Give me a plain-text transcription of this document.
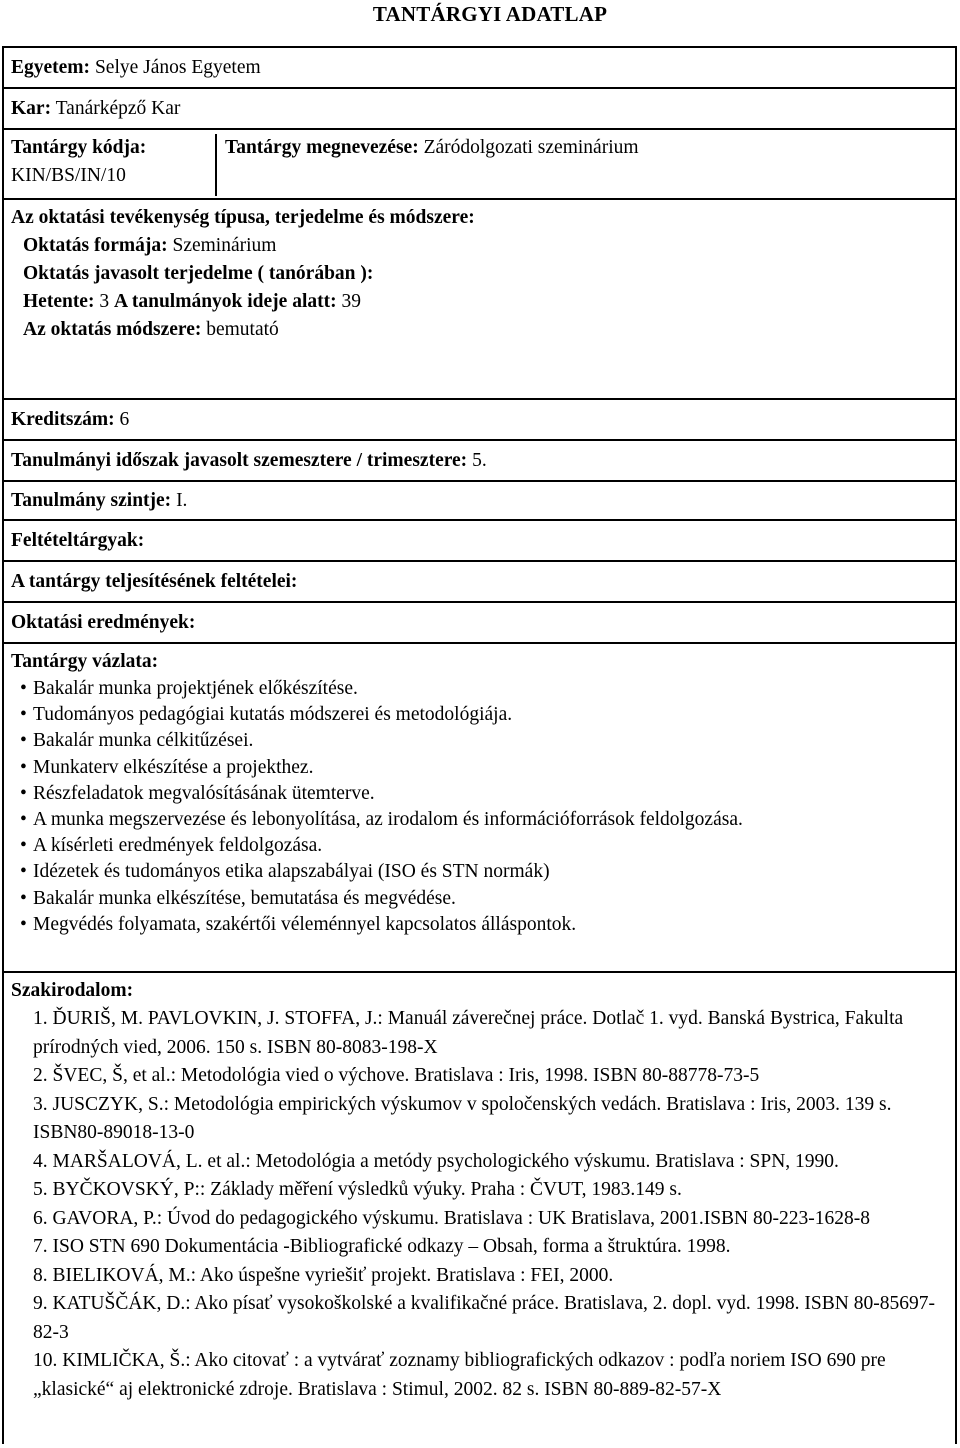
TANTÁRGYI ADATLAP
Egyetem: Selye János Egyetem
Kar: Tanárképző Kar
Tantárgy kódja:
KIN/BS/IN/10
Tantárgy megnevezése: Záródolgozati szeminárium
Az oktatási tevékenység típusa, terjedelme és módszere:
Oktatás formája: Szeminárium
Oktatás javasolt terjedelme ( tanórában ):
Hetente: 3 A tanulmányok ideje alatt: 39
Az oktatás módszere: bemutató
Kreditszám: 6
Tanulmányi időszak javasolt szemesztere / trimesztere: 5.
Tanulmány szintje: I.
Feltételtárgyak:
A tantárgy teljesítésének feltételei:
Oktatási eredmények:
Tantárgy vázlata:
• Bakalár munka projektjének előkészítése.
• Tudományos pedagógiai kutatás módszerei és metodológiája.
• Bakalár munka célkitűzései.
• Munkaterv elkészítése a projekthez.
• Részfeladatok megvalósításának ütemterve.
• A munka megszervezése és lebonyolítása, az irodalom és információforrások feldolgozása.
• A kísérleti eredmények feldolgozása.
• Idézetek és tudományos etika alapszabályai (ISO és STN normák)
• Bakalár munka elkészítése, bemutatása és megvédése.
• Megvédés folyamata, szakértői véleménnyel kapcsolatos álláspontok.
Szakirodalom:
1. ĎURIŠ, M. PAVLOVKIN, J. STOFFA, J.: Manuál záverečnej práce. Dotlač 1. vyd. Banská Bystrica, Fakulta prírodných vied, 2006. 150 s. ISBN 80-8083-198-X
2. ŠVEC, Š, et al.: Metodológia vied o výchove. Bratislava : Iris, 1998. ISBN 80-88778-73-5
3. JUSCZYK, S.: Metodológia empirických výskumov v spoločenských vedách. Bratislava : Iris, 2003. 139 s. ISBN80-89018-13-0
4. MARŠALOVÁ, L. et al.: Metodológia a metódy psychologického výskumu. Bratislava : SPN, 1990.
5. BYČKOVSKÝ, P:: Základy měření výsledků výuky. Praha : ČVUT, 1983.149 s.
6. GAVORA, P.: Úvod do pedagogického výskumu. Bratislava : UK Bratislava, 2001.ISBN 80-223-1628-8
7. ISO STN 690 Dokumentácia -Bibliografické odkazy – Obsah, forma a štruktúra. 1998.
8. BIELIKOVÁ, M.: Ako úspešne vyriešiť projekt. Bratislava : FEI, 2000.
9. KATUŠČÁK, D.: Ako písať vysokoškolské a kvalifikačné práce. Bratislava, 2. dopl. vyd. 1998. ISBN 80-85697-82-3
10. KIMLIČKA, Š.: Ako citovať : a vytvárať zoznamy bibliografických odkazov : podľa noriem ISO 690 pre „klasické“ aj elektronické zdroje. Bratislava : Stimul, 2002. 82 s. ISBN 80-889-82-57-X
